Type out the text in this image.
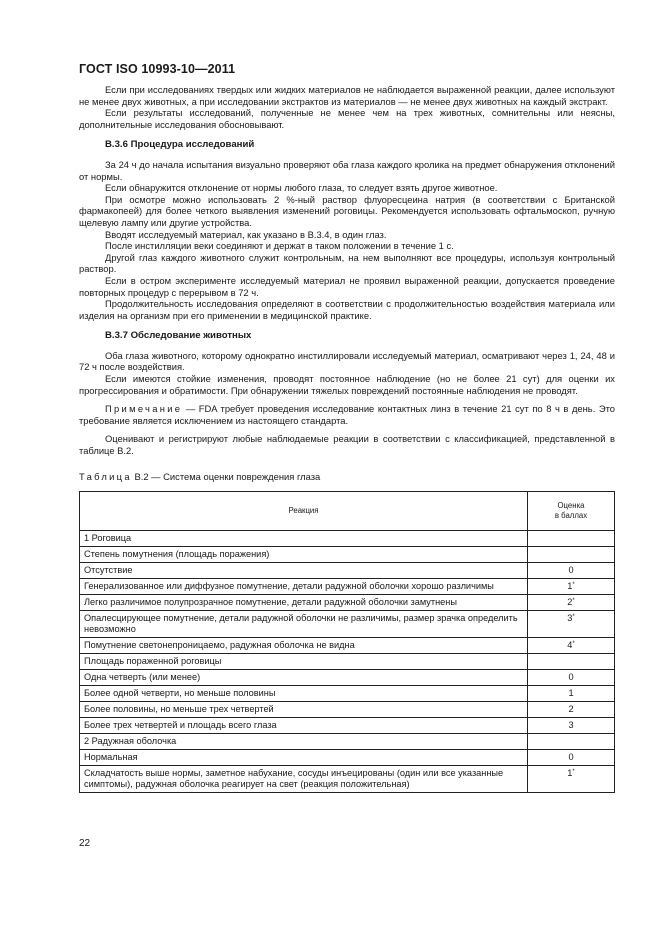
ГОСТ ISO 10993-10—2011

Если при исследованиях твердых или жидких материалов не наблюдается выраженной реакции, далее используют не менее двух животных, а при исследовании экстрактов из материалов — не менее двух животных на каждый экстракт.

Если результаты исследований, полученные не менее чем на трех животных, сомнительны или неясны, дополнительные исследования обосновывают.

В.3.6 Процедура исследований

За 24 ч до начала испытания визуально проверяют оба глаза каждого кролика на предмет обнаружения отклонений от нормы.

Если обнаружится отклонение от нормы любого глаза, то следует взять другое животное.

При осмотре можно использовать 2 %-ный раствор флуоресцеина натрия (в соответствии с Британской фармакопеей) для более четкого выявления изменений роговицы. Рекомендуется использовать офтальмоскоп, ручную щелевую лампу или другие устройства.

Вводят исследуемый материал, как указано в В.3.4, в один глаз.

После инстилляции веки соединяют и держат в таком положении в течение 1 с.

Другой глаз каждого животного служит контрольным, на нем выполняют все процедуры, используя контрольный раствор.

Если в остром эксперименте исследуемый материал не проявил выраженной реакции, допускается проведение повторных процедур с перерывом в 72 ч.

Продолжительность исследования определяют в соответствии с продолжительностью воздействия материала или изделия на организм при его применении в медицинской практике.

В.3.7 Обследование животных

Оба глаза животного, которому однократно инстиллировали исследуемый материал, осматривают через 1, 24, 48 и 72 ч после воздействия.

Если имеются стойкие изменения, проводят постоянное наблюдение (но не более 21 сут) для оценки их прогрессирования и обратимости. При обнаружении тяжелых повреждений постоянные наблюдения не проводят.

Примечание — FDA требует проведения исследование контактных линз в течение 21 сут по 8 ч в день. Это требование является исключением из настоящего стандарта.

Оценивают и регистрируют любые наблюдаемые реакции в соответствии с классификацией, представленной в таблице В.2.

Таблица В.2 — Система оценки повреждения глаза
Реакция	Оценка
в баллах
1 Роговица	
Степень помутнения (площадь поражения)	
Отсутствие	0
Генерализованное или диффузное помутнение, детали радужной оболочки хорошо различимы	1*
Легко различимое полупрозрачное помутнение, детали радужной оболочки замутнены	2*
Опалесцирующее помутнение, детали радужной оболочки не различимы, размер зрачка определить невозможно	3*
Помутнение светонепроницаемо, радужная оболочка не видна	4*
Площадь пораженной роговицы	
Одна четверть (или менее)	0
Более одной четверти, но меньше половины	1
Более половины, но меньше трех четвертей	2
Более трех четвертей и площадь всего глаза	3
2 Радужная оболочка	
Нормальная	0
Складчатость выше нормы, заметное набухание, сосуды инъецированы (один или все указанные симптомы), радужная оболочка реагирует на свет (реакция положительная)	1*
22
